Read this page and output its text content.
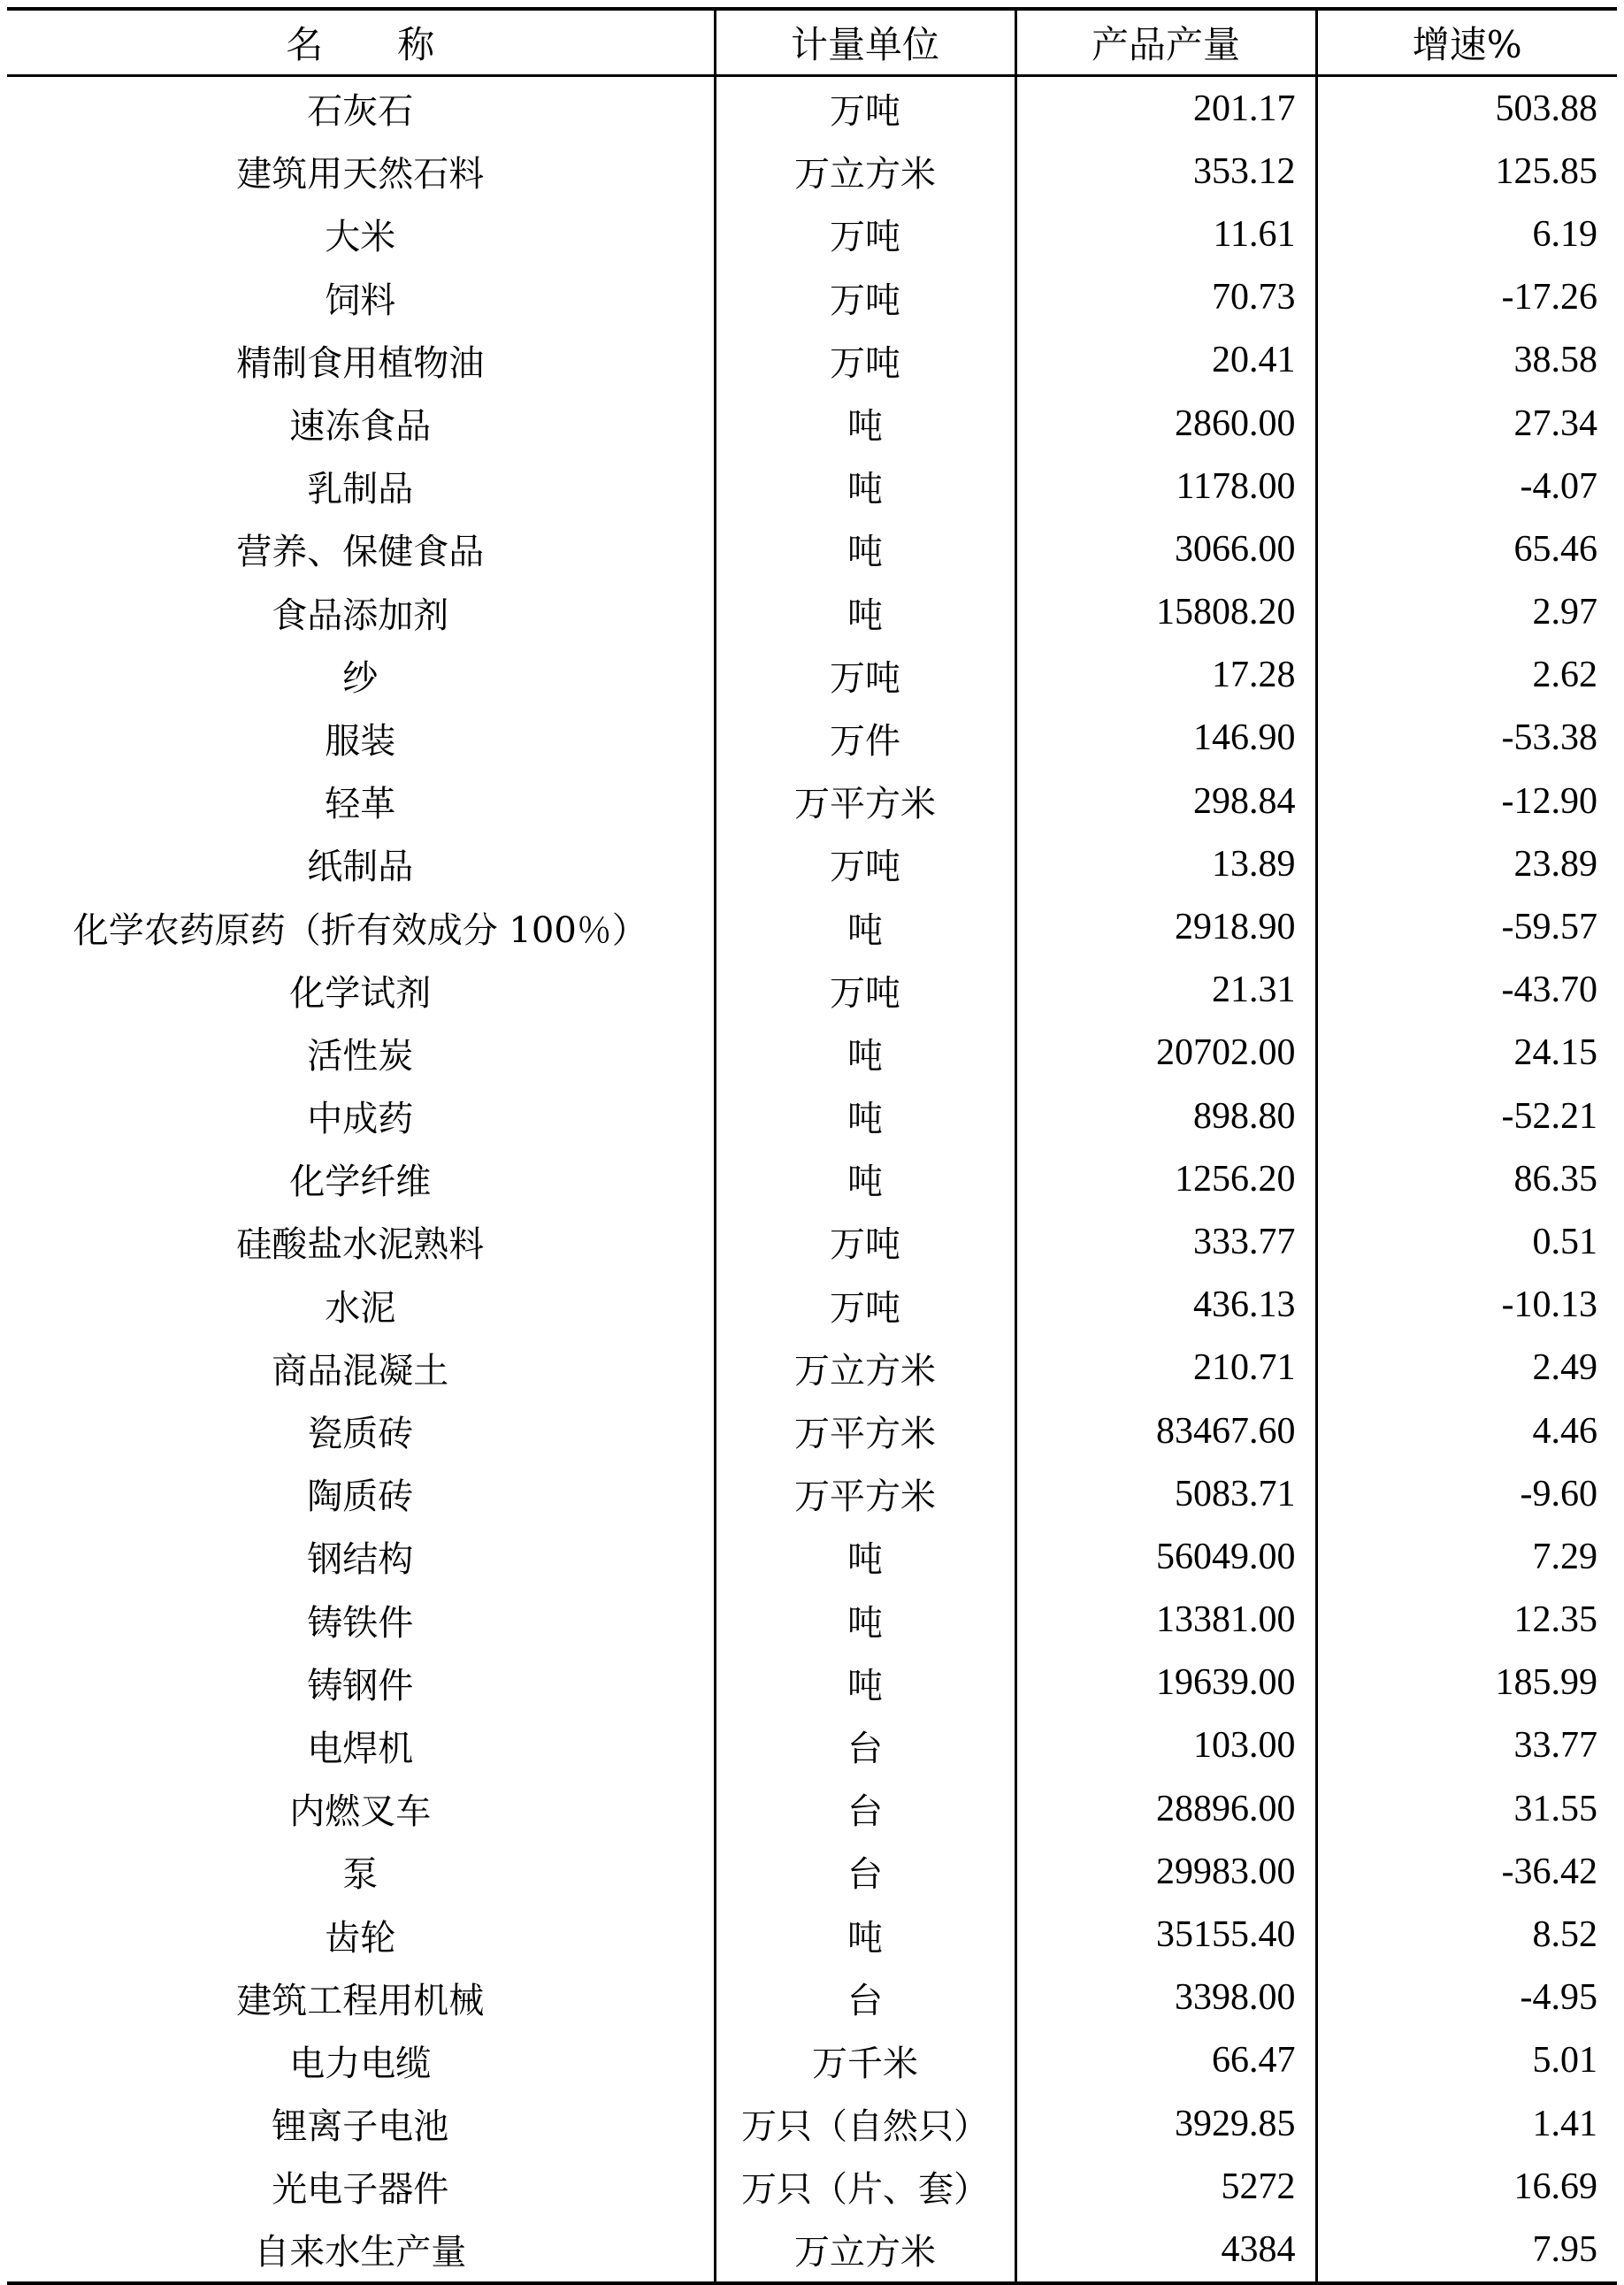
名　　称	计量单位	产品产量	增速%
石灰石	万吨	201.17	503.88
建筑用天然石料	万立方米	353.12	125.85
大米	万吨	11.61	6.19
饲料	万吨	70.73	-17.26
精制食用植物油	万吨	20.41	38.58
速冻食品	吨	2860.00	27.34
乳制品	吨	1178.00	-4.07
营养、保健食品	吨	3066.00	65.46
食品添加剂	吨	15808.20	2.97
纱	万吨	17.28	2.62
服装	万件	146.90	-53.38
轻革	万平方米	298.84	-12.90
纸制品	万吨	13.89	23.89
化学农药原药（折有效成分 100％）	吨	2918.90	-59.57
化学试剂	万吨	21.31	-43.70
活性炭	吨	20702.00	24.15
中成药	吨	898.80	-52.21
化学纤维	吨	1256.20	86.35
硅酸盐水泥熟料	万吨	333.77	0.51
水泥	万吨	436.13	-10.13
商品混凝土	万立方米	210.71	2.49
瓷质砖	万平方米	83467.60	4.46
陶质砖	万平方米	5083.71	-9.60
钢结构	吨	56049.00	7.29
铸铁件	吨	13381.00	12.35
铸钢件	吨	19639.00	185.99
电焊机	台	103.00	33.77
内燃叉车	台	28896.00	31.55
泵	台	29983.00	-36.42
齿轮	吨	35155.40	8.52
建筑工程用机械	台	3398.00	-4.95
电力电缆	万千米	66.47	5.01
锂离子电池	万只（自然只）	3929.85	1.41
光电子器件	万只（片、套）	5272	16.69
自来水生产量	万立方米	4384	7.95
